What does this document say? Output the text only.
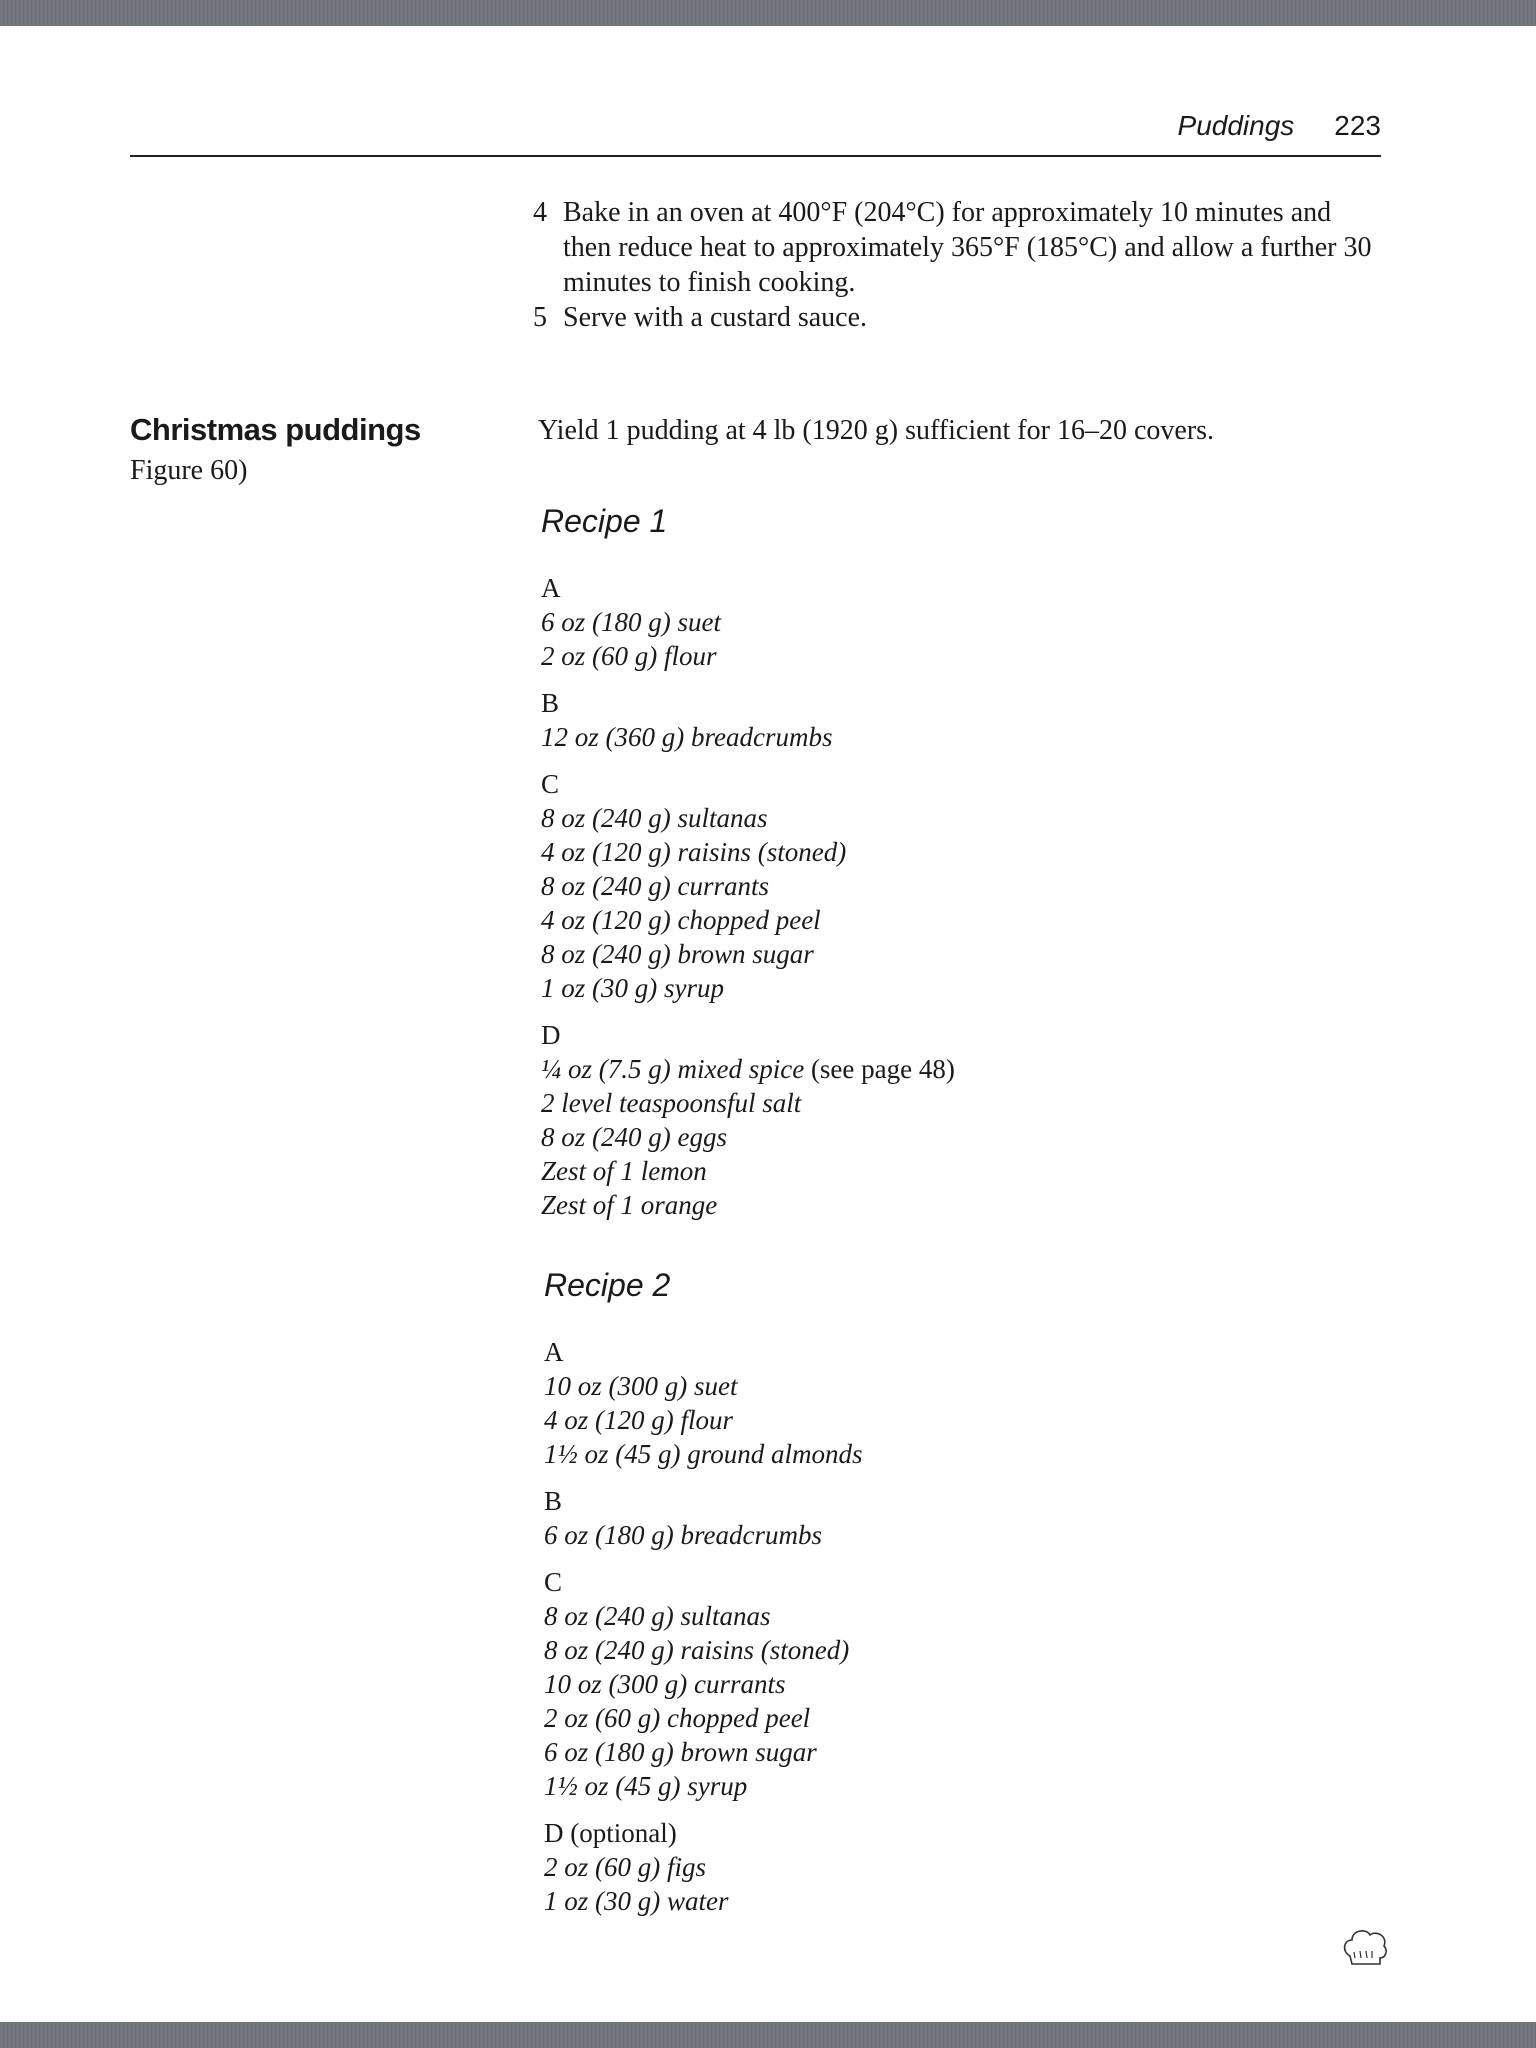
Puddings 223
4 Bake in an oven at 400°F (204°C) for approximately 10 minutes and then reduce heat to approximately 365°F (185°C) and allow a further 30 minutes to finish cooking.
5 Serve with a custard sauce.
Christmas puddings
Figure 60)
Yield 1 pudding at 4 lb (1920 g) sufficient for 16–20 covers.
Recipe 1
A
6 oz (180 g) suet
2 oz (60 g) flour
B
12 oz (360 g) breadcrumbs
C
8 oz (240 g) sultanas
4 oz (120 g) raisins (stoned)
8 oz (240 g) currants
4 oz (120 g) chopped peel
8 oz (240 g) brown sugar
1 oz (30 g) syrup
D
¼ oz (7.5 g) mixed spice (see page 48)
2 level teaspoonsful salt
8 oz (240 g) eggs
Zest of 1 lemon
Zest of 1 orange
Recipe 2
A
10 oz (300 g) suet
4 oz (120 g) flour
1½ oz (45 g) ground almonds
B
6 oz (180 g) breadcrumbs
C
8 oz (240 g) sultanas
8 oz (240 g) raisins (stoned)
10 oz (300 g) currants
2 oz (60 g) chopped peel
6 oz (180 g) brown sugar
1½ oz (45 g) syrup
D (optional)
2 oz (60 g) figs
1 oz (30 g) water
